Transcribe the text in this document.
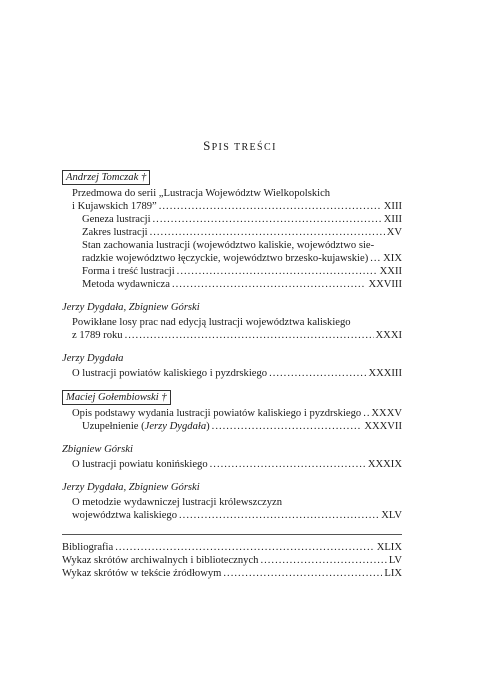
SPIS TREŚCI
Andrzej Tomczak †
Przedmowa do serii „Lustracja Województw Wielkopolskich
i Kujawskich 1789” .....	XIII
Geneza lustracji .....	XIII
Zakres lustracji .....	XV
Stan zachowania lustracji (województwo kaliskie, województwo sie-
radzkie województwo łęczyckie, województwo brzesko-kujawskie) ..... XIX
Forma i treść lustracji .....	XXII
Metoda wydawnicza .....	XXVIII
Jerzy Dygdała, Zbigniew Górski
Powikłane losy prac nad edycją lustracji województwa kaliskiego
z 1789 roku .....	XXXI
Jerzy Dygdała
O lustracji powiatów kaliskiego i pyzdrskiego .....	XXXIII
Maciej Gołembiowski †
Opis podstawy wydania lustracji powiatów kaliskiego i pyzdrskiego ..... XXXV
Uzupełnienie (Jerzy Dygdała) .....	XXXVII
Zbigniew Górski
O lustracji powiatu konińskiego .....	XXXIX
Jerzy Dygdała, Zbigniew Górski
O metodzie wydawniczej lustracji królewszczyzn
województwa kaliskiego .....	XLV
Bibliografia .....	XLIX
Wykaz skrótów archiwalnych i bibliotecznych .....	LV
Wykaz skrótów w tekście źródłowym .....	LIX
